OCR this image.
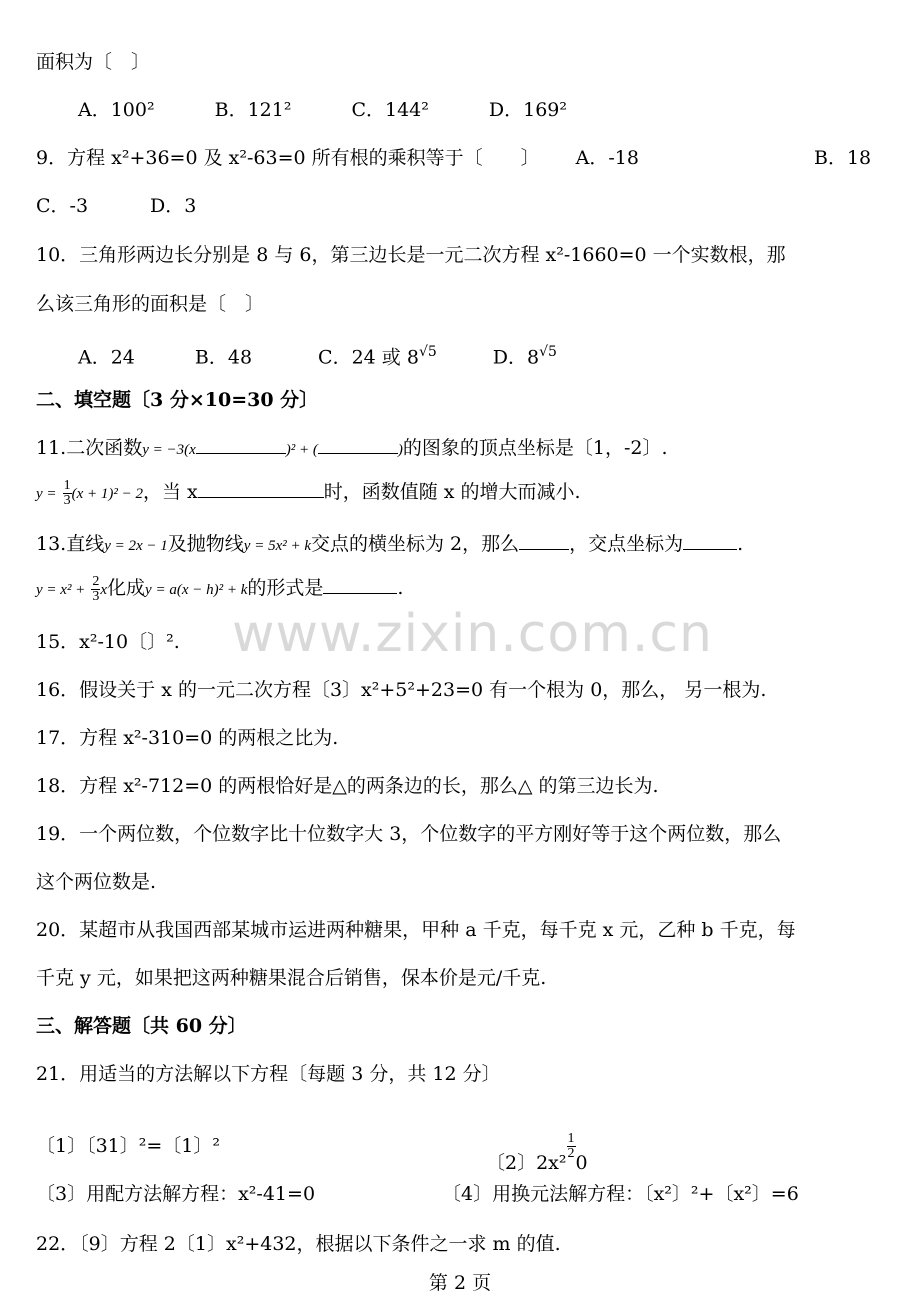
www.zixin.com.cn
面积为〔　〕
A．100²	B．121²	C．144²	D．169²
9．方程 x²+36=0 及 x²-63=0 所有根的乘积等于〔　　〕 A．-18	B．18
C．-3	D．3
10．三角形两边长分别是 8 与 6，第三边长是一元二次方程 x²-1660=0 一个实数根，那
么该三角形的面积是〔　〕
A．24	B．48	C．24 或 8√5	D．8√5
二、填空题〔3 分×10=30 分〕
11.二次函数y = −3(x	)² + (	)的图象的顶点坐标是〔1，-2〕.
$y = \frac{1}{3} (x + 1)^2 - 2$，当 x	时，函数值随 x 的增大而减小.
13.直线y = 2x − 1及抛物线y = 5x² + k交点的横坐标为 2，那么	，交点坐标为	.
$y = x^2 + \frac{2}{3}$ x化成y = a(x − h)² + k的形式是	.
15．x²-10〔〕².
16．假设关于 x 的一元二次方程〔3〕x²+5²+23=0 有一个根为 0，那么， 另一根为.
17．方程 x²-310=0 的两根之比为.
18．方程 x²-712=0 的两根恰好是△的两条边的长，那么△ 的第三边长为.
19．一个两位数，个位数字比十位数字大 3，个位数字的平方刚好等于这个两位数，那么
这个两位数是.
20．某超市从我国西部某城市运进两种糖果，甲种 a 千克，每千克 x 元，乙种 b 千克，每
千克 y 元，如果把这两种糖果混合后销售，保本价是元/千克.
三、解答题〔共 60 分〕
21．用适当的方法解以下方程〔每题 3 分，共 12 分〕
〔1〕〔31〕²=〔1〕²
〔2〕2x²
$\frac{1}{2}$
0
〔3〕用配方法解方程：x²-41=0	〔4〕用换元法解方程：〔x²〕²+〔x²〕=6
22．〔9〕方程 2〔1〕x²+432，根据以下条件之一求 m 的值.
第 2 页
